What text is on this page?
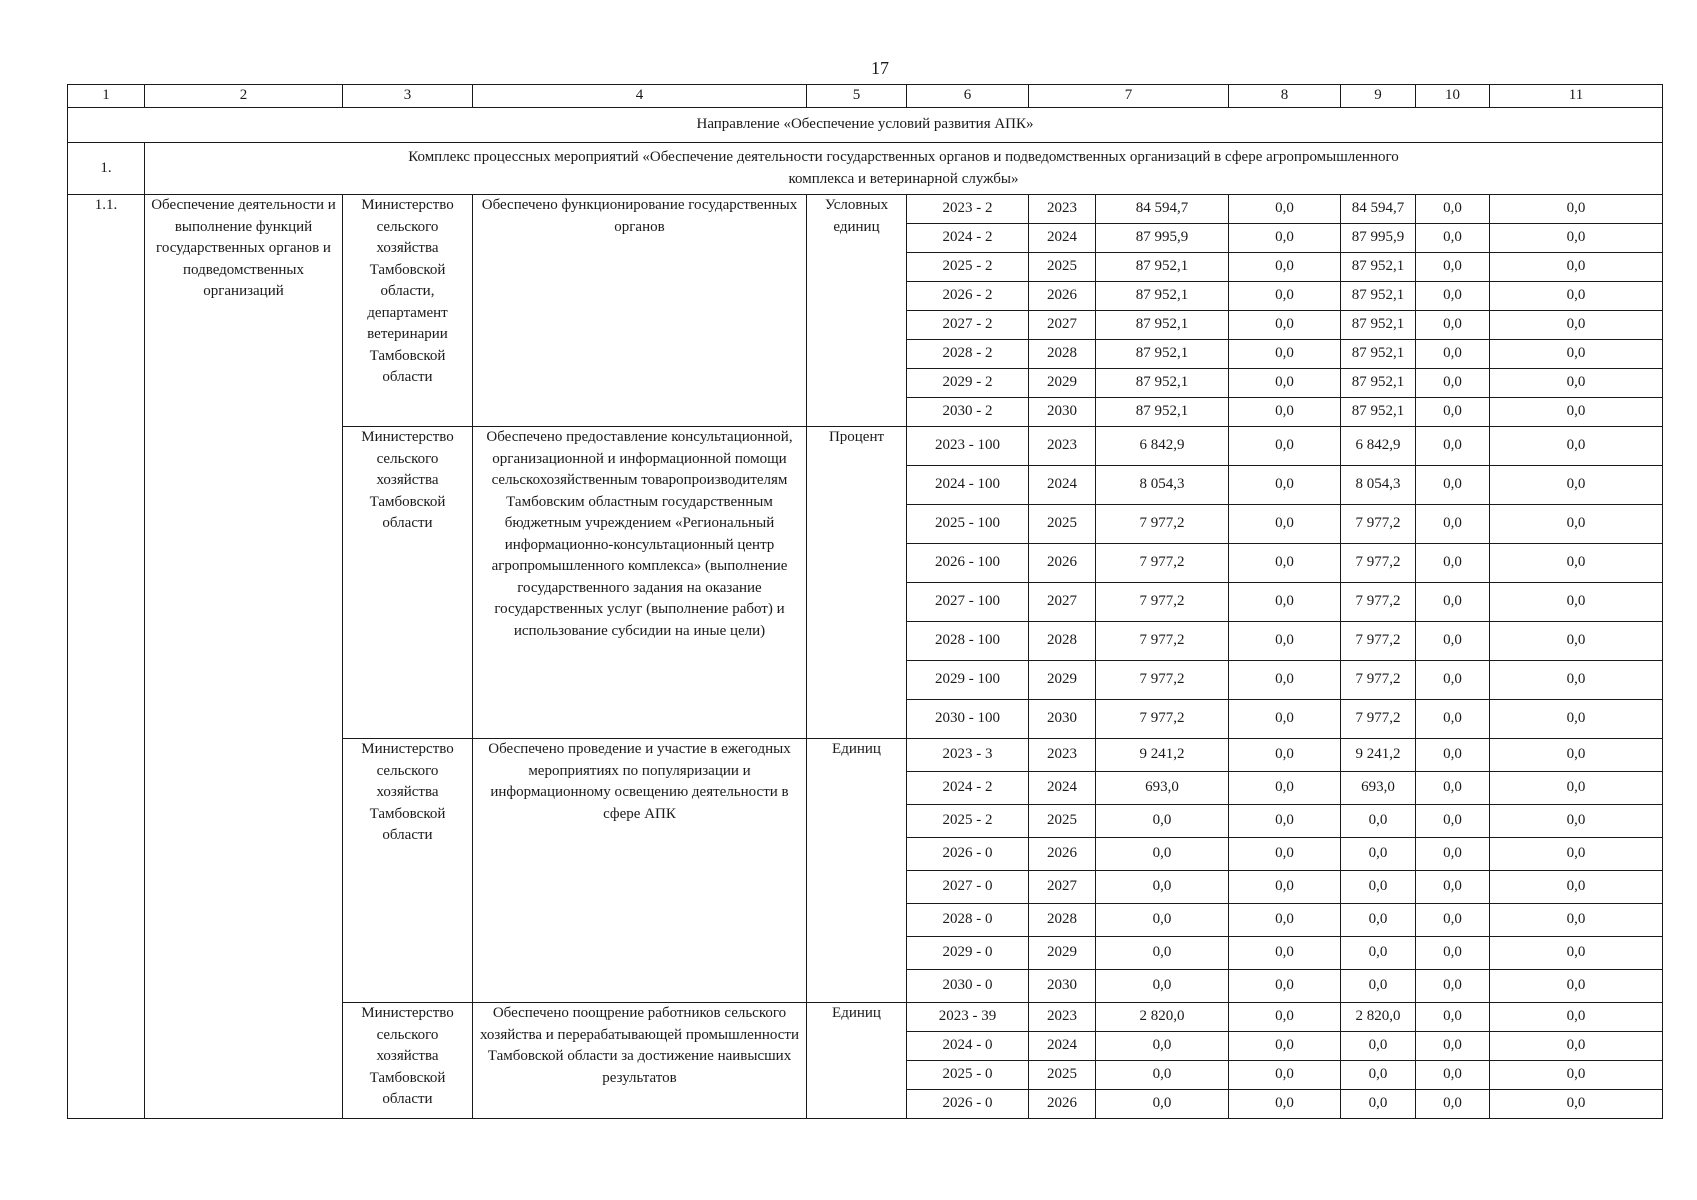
17
1	2	3	4	5	6	7		8	9	10	11
Направление «Обеспечение условий развития АПК»											
1.	Комплекс процессных мероприятий «Обеспечение деятельности государственных органов и подведомственных организаций в сфере агропромышленного комплекса и ветеринарной службы»										
1.1.	Обеспечение деятельности и выполнение функций государственных органов и подведомственных организаций	Министерство сельского хозяйства Тамбовской области, департамент ветеринарии Тамбовской области	Обеспечено функционирование государственных органов	Условных единиц	2023 - 2	2023	84 594,7	0,0	84 594,7	0,0	0,0
					2024 - 2	2024	87 995,9	0,0	87 995,9	0,0	0,0
					2025 - 2	2025	87 952,1	0,0	87 952,1	0,0	0,0
					2026 - 2	2026	87 952,1	0,0	87 952,1	0,0	0,0
					2027 - 2	2027	87 952,1	0,0	87 952,1	0,0	0,0
					2028 - 2	2028	87 952,1	0,0	87 952,1	0,0	0,0
					2029 - 2	2029	87 952,1	0,0	87 952,1	0,0	0,0
					2030 - 2	2030	87 952,1	0,0	87 952,1	0,0	0,0
		Министерство сельского хозяйства Тамбовской области	Обеспечено предоставление консультационной, организационной и информационной помощи сельскохозяйственным товаропроизводителям Тамбовским областным государственным бюджетным учреждением «Региональный информационно-консультационный центр агропромышленного комплекса» (выполнение государственного задания на оказание государственных услуг (выполнение работ) и использование субсидии на иные цели)	Процент	2023 - 100	2023	6 842,9	0,0	6 842,9	0,0	0,0
					2024 - 100	2024	8 054,3	0,0	8 054,3	0,0	0,0
					2025 - 100	2025	7 977,2	0,0	7 977,2	0,0	0,0
					2026 - 100	2026	7 977,2	0,0	7 977,2	0,0	0,0
					2027 - 100	2027	7 977,2	0,0	7 977,2	0,0	0,0
					2028 - 100	2028	7 977,2	0,0	7 977,2	0,0	0,0
					2029 - 100	2029	7 977,2	0,0	7 977,2	0,0	0,0
					2030 - 100	2030	7 977,2	0,0	7 977,2	0,0	0,0
		Министерство сельского хозяйства Тамбовской области	Обеспечено проведение и участие в ежегодных мероприятиях по популяризации и информационному освещению деятельности в сфере АПК	Единиц	2023 - 3	2023	9 241,2	0,0	9 241,2	0,0	0,0
					2024 - 2	2024	693,0	0,0	693,0	0,0	0,0
					2025 - 2	2025	0,0	0,0	0,0	0,0	0,0
					2026 - 0	2026	0,0	0,0	0,0	0,0	0,0
					2027 - 0	2027	0,0	0,0	0,0	0,0	0,0
					2028 - 0	2028	0,0	0,0	0,0	0,0	0,0
					2029 - 0	2029	0,0	0,0	0,0	0,0	0,0
					2030 - 0	2030	0,0	0,0	0,0	0,0	0,0
		Министерство сельского хозяйства Тамбовской области	Обеспечено поощрение работников сельского хозяйства и перерабатывающей промышленности Тамбовской области за достижение наивысших результатов	Единиц	2023 - 39	2023	2 820,0	0,0	2 820,0	0,0	0,0
					2024 - 0	2024	0,0	0,0	0,0	0,0	0,0
					2025 - 0	2025	0,0	0,0	0,0	0,0	0,0
					2026 - 0	2026	0,0	0,0	0,0	0,0	0,0
